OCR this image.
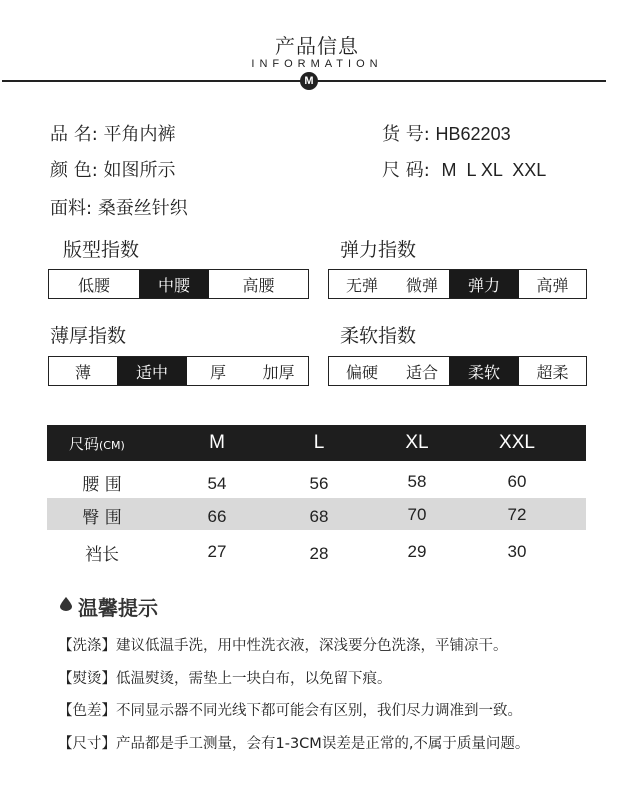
产品信息
INFORMATION
M
品 名: 平角内裤	货 号: HB62203
颜 色: 如图所示	尺 码: M  L XL  XXL
面料: 桑蚕丝针织
版型指数
低腰	中腰	高腰
弹力指数
无弹	微弹	弹力	高弹
薄厚指数
薄	适中	厚	加厚
柔软指数
偏硬	适合	柔软	超柔
尺码(CM)	M	L	XL	XXL
腰 围	54	56	58	60
臀 围	66	68	70	72
裆长	27	28	29	30
温馨提示
【洗涤】建议低温手洗，用中性洗衣液，深浅要分色洗涤，平铺凉干。
【熨烫】低温熨烫，需垫上一块白布，以免留下痕。
【色差】不同显示器不同光线下都可能会有区别，我们尽力调准到一致。
【尺寸】产品都是手工测量，会有1-3CM误差是正常的,不属于质量问题。
